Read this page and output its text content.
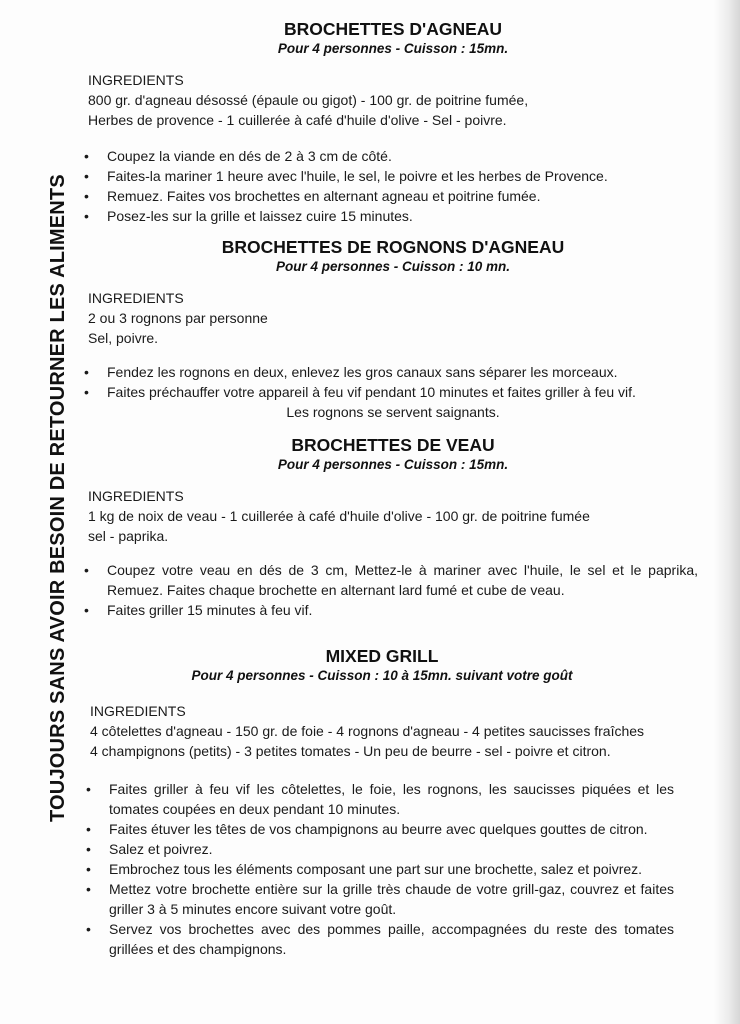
TOUJOURS SANS AVOIR BESOIN DE RETOURNER LES ALIMENTS
BROCHETTES D'AGNEAU

Pour 4 personnes - Cuisson : 15mn.

INGREDIENTS

800 gr. d'agneau désossé (épaule ou gigot) - 100 gr. de poitrine fumée,

Herbes de provence - 1 cuillerée à café d'huile d'olive - Sel - poivre.

• Coupez la viande en dés de 2 à 3 cm de côté.
• Faites-la mariner 1 heure avec l'huile, le sel, le poivre et les herbes de Provence.
• Remuez. Faites vos brochettes en alternant agneau et poitrine fumée.
• Posez-les sur la grille et laissez cuire 15 minutes.
BROCHETTES DE ROGNONS D'AGNEAU

Pour 4 personnes - Cuisson : 10 mn.

INGREDIENTS

2 ou 3 rognons par personne

Sel, poivre.

• Fendez les rognons en deux, enlevez les gros canaux sans séparer les morceaux.
• Faites préchauffer votre appareil à feu vif pendant 10 minutes et faites griller à feu vif.

Les rognons se servent saignants.

BROCHETTES DE VEAU

Pour 4 personnes - Cuisson : 15mn.

INGREDIENTS

1 kg de noix de veau - 1 cuillerée à café d'huile d'olive - 100 gr. de poitrine fumée

sel - paprika.

• Coupez votre veau en dés de 3 cm, Mettez-le à mariner avec l'huile, le sel et le paprika, Remuez. Faites chaque brochette en alternant lard fumé et cube de veau.
• Faites griller 15 minutes à feu vif.
MIXED GRILL

Pour 4 personnes - Cuisson : 10 à 15mn. suivant votre goût

INGREDIENTS

4 côtelettes d'agneau - 150 gr. de foie - 4 rognons d'agneau - 4 petites saucisses fraîches

4 champignons (petits) - 3 petites tomates - Un peu de beurre - sel - poivre et citron.

• Faites griller à feu vif les côtelettes, le foie, les rognons, les saucisses piquées et les tomates coupées en deux pendant 10 minutes.
• Faites étuver les têtes de vos champignons au beurre avec quelques gouttes de citron.
• Salez et poivrez.
• Embrochez tous les éléments composant une part sur une brochette, salez et poivrez.
• Mettez votre brochette entière sur la grille très chaude de votre grill-gaz, couvrez et faites griller 3 à 5 minutes encore suivant votre goût.
• Servez vos brochettes avec des pommes paille, accompagnées du reste des tomates grillées et des champignons.
